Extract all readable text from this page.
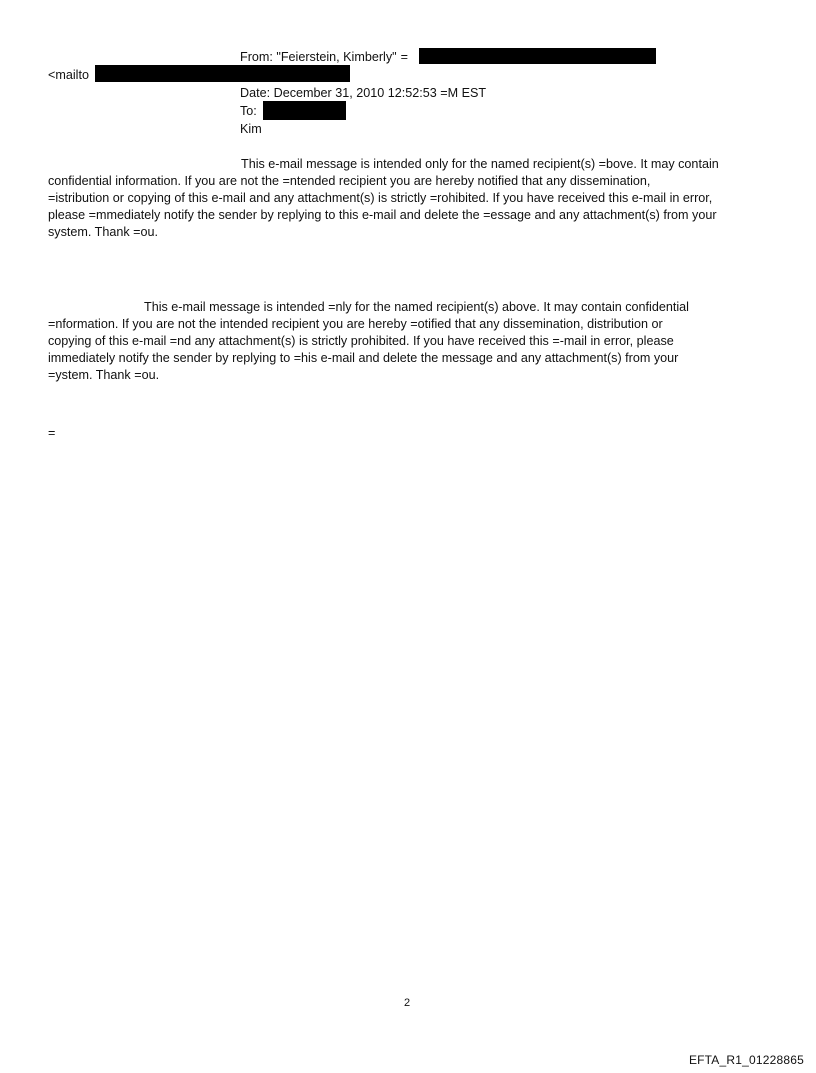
From: "Feierstein, Kimberly" =
<mailto
Date: December 31, 2010 12:52:53 =M EST
To:
Kim
This e-mail message is intended only for the named recipient(s) =bove. It may contain
confidential information. If you are not the =ntended recipient you are hereby notified that any dissemination,
=istribution or copying of this e-mail and any attachment(s) is strictly =rohibited. If you have received this e-mail in error,
please =mmediately notify the sender by replying to this e-mail and delete the =essage and any attachment(s) from your
system. Thank =ou.
This e-mail message is intended =nly for the named recipient(s) above. It may contain confidential
=nformation. If you are not the intended recipient you are hereby =otified that any dissemination, distribution or
copying of this e-mail =nd any attachment(s) is strictly prohibited. If you have received this =-mail in error, please
immediately notify the sender by replying to =his e-mail and delete the message and any attachment(s) from your
=ystem. Thank =ou.
=
2
EFTA_R1_01228865
